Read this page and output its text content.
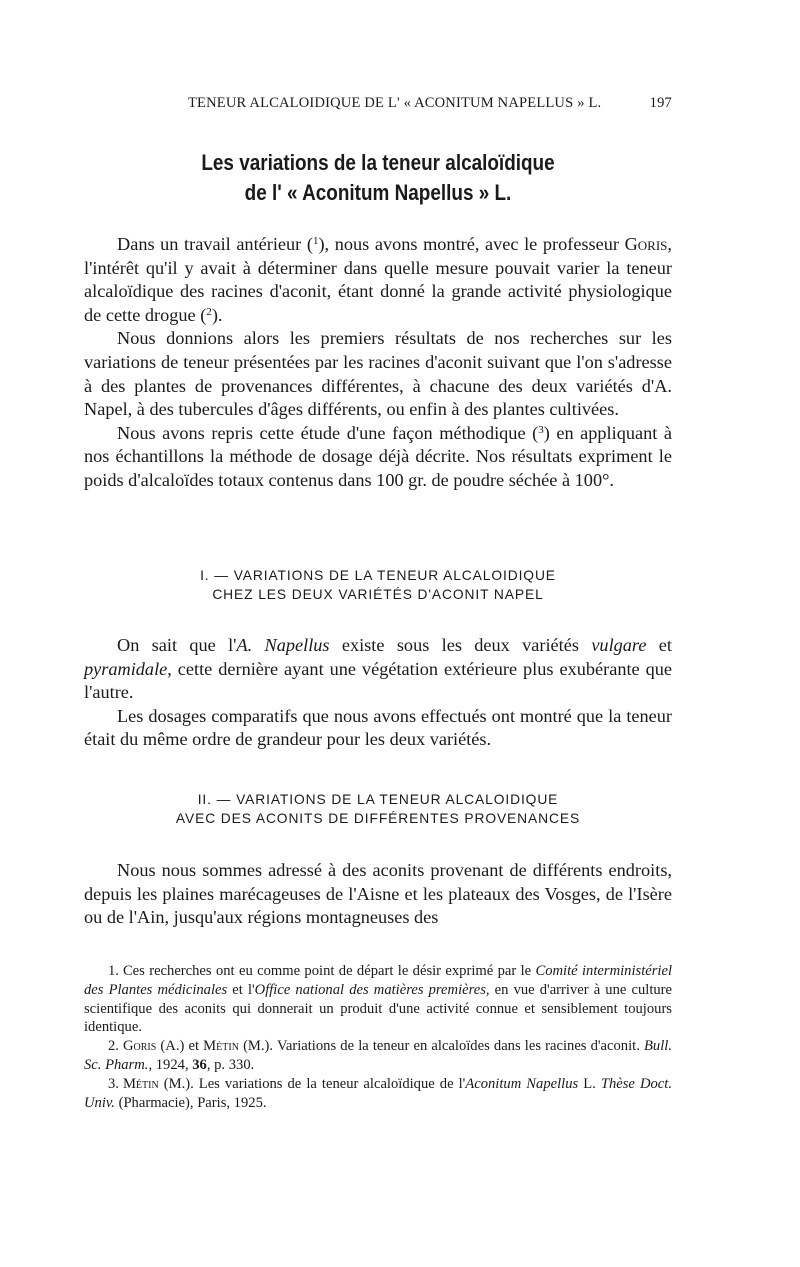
TENEUR ALCALOIDIQUE DE L' « ACONITUM NAPELLUS » L.	197
Les variations de la teneur alcaloïdique
de l' « Aconitum Napellus » L.

Dans un travail antérieur ($^1$), nous avons montré, avec le professeur Goris, l'intérêt qu'il y avait à déterminer dans quelle mesure pouvait varier la teneur alcaloïdique des racines d'aconit, étant donné la grande activité physiologique de cette drogue ($^2$).

Nous donnions alors les premiers résultats de nos recherches sur les variations de teneur présentées par les racines d'aconit suivant que l'on s'adresse à des plantes de provenances différentes, à chacune des deux variétés d'A. Napel, à des tubercules d'âges différents, ou enfin à des plantes cultivées.

Nous avons repris cette étude d'une façon méthodique ($^3$) en appliquant à nos échantillons la méthode de dosage déjà décrite. Nos résultats expriment le poids d'alcaloïdes totaux contenus dans 100 gr. de poudre séchée à 100°.

I. — VARIATIONS DE LA TENEUR ALCALOIDIQUE
CHEZ LES DEUX VARIÉTÉS D'ACONIT NAPEL

On sait que l'A. Napellus existe sous les deux variétés vulgare et pyramidale, cette dernière ayant une végétation extérieure plus exubérante que l'autre.

Les dosages comparatifs que nous avons effectués ont montré que la teneur était du même ordre de grandeur pour les deux variétés.

II. — VARIATIONS DE LA TENEUR ALCALOIDIQUE
AVEC DES ACONITS DE DIFFÉRENTES PROVENANCES

Nous nous sommes adressé à des aconits provenant de différents endroits, depuis les plaines marécageuses de l'Aisne et les plateaux des Vosges, de l'Isère ou de l'Ain, jusqu'aux régions montagneuses des

1. Ces recherches ont eu comme point de départ le désir exprimé par le Comité interministériel des Plantes médicinales et l'Office national des matières premières, en vue d'arriver à une culture scientifique des aconits qui donnerait un produit d'une activité connue et sensiblement toujours identique.

2. Goris (A.) et Métin (M.). Variations de la teneur en alcaloïdes dans les racines d'aconit. Bull. Sc. Pharm., 1924, 36, p. 330.

3. Métin (M.). Les variations de la teneur alcaloïdique de l'Aconitum Napellus L. Thèse Doct. Univ. (Pharmacie), Paris, 1925.
